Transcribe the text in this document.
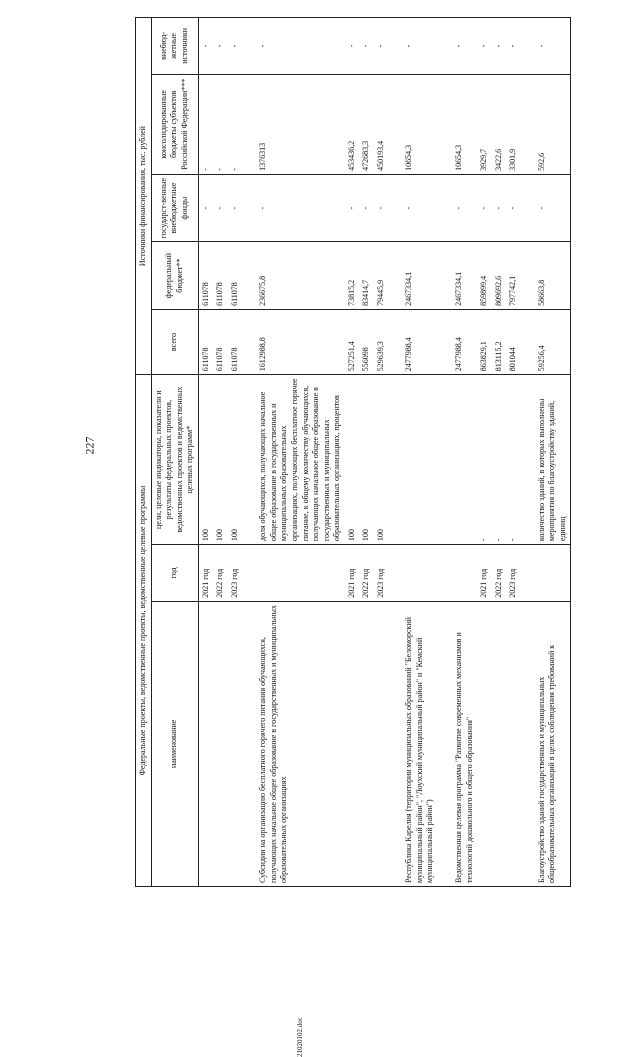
227
Федеральные проекты, ведомственные проекты, ведомственные целевые программы			Источники финансирования, тыс. рублей				
наименование	год	цели, целевые индикаторы, показатели и результаты федеральных проектов, ведомственных проектов и ведомственных целевых программ*	всего	федеральный бюджет**	государст-венные внебюджетные фонды	консолидированные бюджеты субъектов Российской Федерации***	внебюд-жетные источники
	2021 год	100	611078	611078	-	-	-
	2022 год	100	611078	611078	-	-	-
	2023 год	100	611078	611078	-	-	-

Субсидии на организацию бесплатного горячего питания обучающихся, получающих начальное общее образование в государственных и муниципальных образовательных организациях		доля обучающихся, получающих начальное общее образование в государственных и муниципальных образовательных организациях, получающих бесплатное горячее питание, к общему количеству обучающихся, получающих начальное общее образование в государственных и муниципальных образовательных организациях, процентов	1612988,8	236675,8	-	1376313	-
	2021 год	100	527251,4	73815,2	-	453436,2	-
	2022 год	100	556098	83414,7	-	472683,3	-
	2023 год	100	529639,3	79445,9	-	450193,4	-

Республика Карелия (территории муниципальных образований "Беломорский муниципальный район", "Лоухский муниципальный район" и "Кемский муниципальный район")			2477988,4	2467334,1	-	10654,3	-

Ведомственная целевая программа "Развитие современных механизмов и технологий дошкольного и общего образования"			2477988,4	2467334,1	-	10654,3	-
	2021 год	-	863829,1	859899,4	-	3929,7	-
	2022 год	-	813115,2	809692,6	-	3422,6	-
	2023 год	-	801044	797742,1	-	3301,9	-

Благоустройство зданий государственных и муниципальных общеобразовательных организаций в целях соблюдения требований к		количество зданий, в которых выполнены мероприятия по благоустройству зданий, единиц	59256,4	58663,8	-	592,6	-
21020102.doc
